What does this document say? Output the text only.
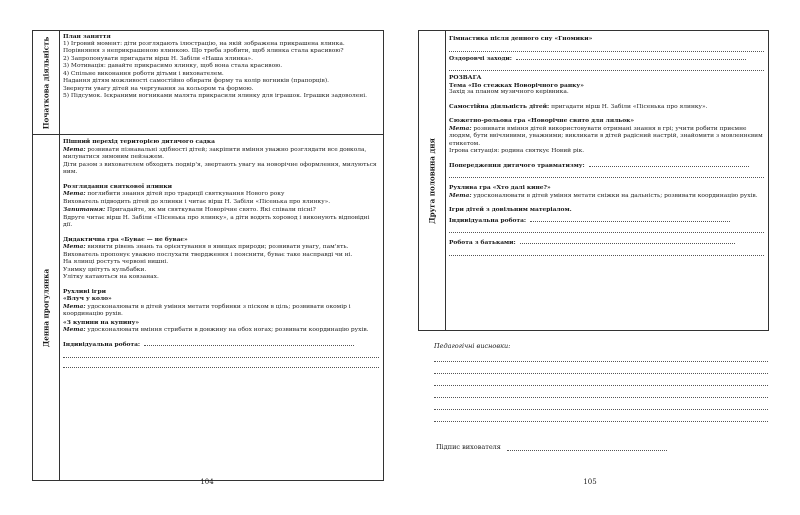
Початкова діяльність

План заняття

1) Ігровий момент: діти розглядають ілюстрацію, на якій зображена прикрашена ялинка.

Порівняння з неприкрашеною ялинкою. Що треба зробити, щоб ялинка стала красивою?

2) Запропонувати пригадати вірш Н. Забіли «Наша ялинка».

3) Мотивація: давайте прикрасимо ялинку, щоб вона стала красивою.

4) Спільне виконання роботи дітьми і вихователем.

Надання дітям можливості самостійно обирати форму та колір вогників (прапорців).

Звернути увагу дітей на чергування за кольором та формою.

5) Підсумок. Ієкраними вогниками малята прикрасили ялинку для іграшок. Іграшки задоволені.

Денна прогулянка

Пішний перехід територією дитячого садка

Мета: розвивати пізнавальні здібності дітей; закріпити вміння уважно розглядати все довкола, милуватися зимовим пейзажем.

Діти разом з вихователем обходять подвір'я, звертають увагу на новорічне оформлення, милуються ним.

Розглядання святкової ялинки

Мета: поглибити знання дітей про традиції святкування Нового року

Вихователь підводить дітей до ялинки і читає вірш Н. Забіли «Пісенька про ялинку».

Запитання: Пригадайте, як ми святкували Новорічне свято. Які співали пісні?

Вдруге читає вірш Н. Забіли «Пісенька про ялинку», а діти водять хоровод і виконують відповідні дії.

Дидактична гра «Буває — не буває»

Мета: виявити рівень знань та орієнтування в явищах природи; розвивати увагу, пам'ять.

Вихователь пропонує уважно послухати твердження і пояснити, буває таке насправді чи ні.

На ялинці ростуть червоні вишні.

Узимку цвітуть кульбабки.

Улітку катаються на ковзанах.

Рухливі ігри

«Влуч у коло»

Мета: удосконалювати в дітей уміння метати торбинки з піском в ціль; розвивати окомір і координацію рухів.

«З купини на купину»

Мета: удосконалювати вміння стрибати в довжину на обох ногах; розвивати координацію рухів.

Індивідуальна робота:

104
Друга половина дня

Гімнастика після денного сну «Гномики»

Оздоровчі заходи:

РОЗВАГА

Тема «По стежках Новорічного ранку»

Захід за планом музичного керівника.

Самостійна діяльність дітей: пригадати вірш Н. Забіли «Пісенька про ялинку».

Сюжетно-рольова гра «Новорічне свято для ляльок»

Мета: розвивати вміння дітей використовувати отримані знання в грі; учити робити приємне людям, бути ввічливими, уважними; викликати в дітей радісний настрій, знайомити з мовленнєвим етикетом.

Ігрова ситуація: родина святкує Новий рік.

Попередження дитячого травматизму:

Рухлива гра «Хто далі кине?»

Мета: удосконалювати в дітей уміння метати сніжки на дальність; розвивати координацію рухів.

Ігри дітей з довільним матеріалом.

Індивідуальна робота:

Робота з батьками:

Педагогічні висновки:
Підпис вихователя
105
